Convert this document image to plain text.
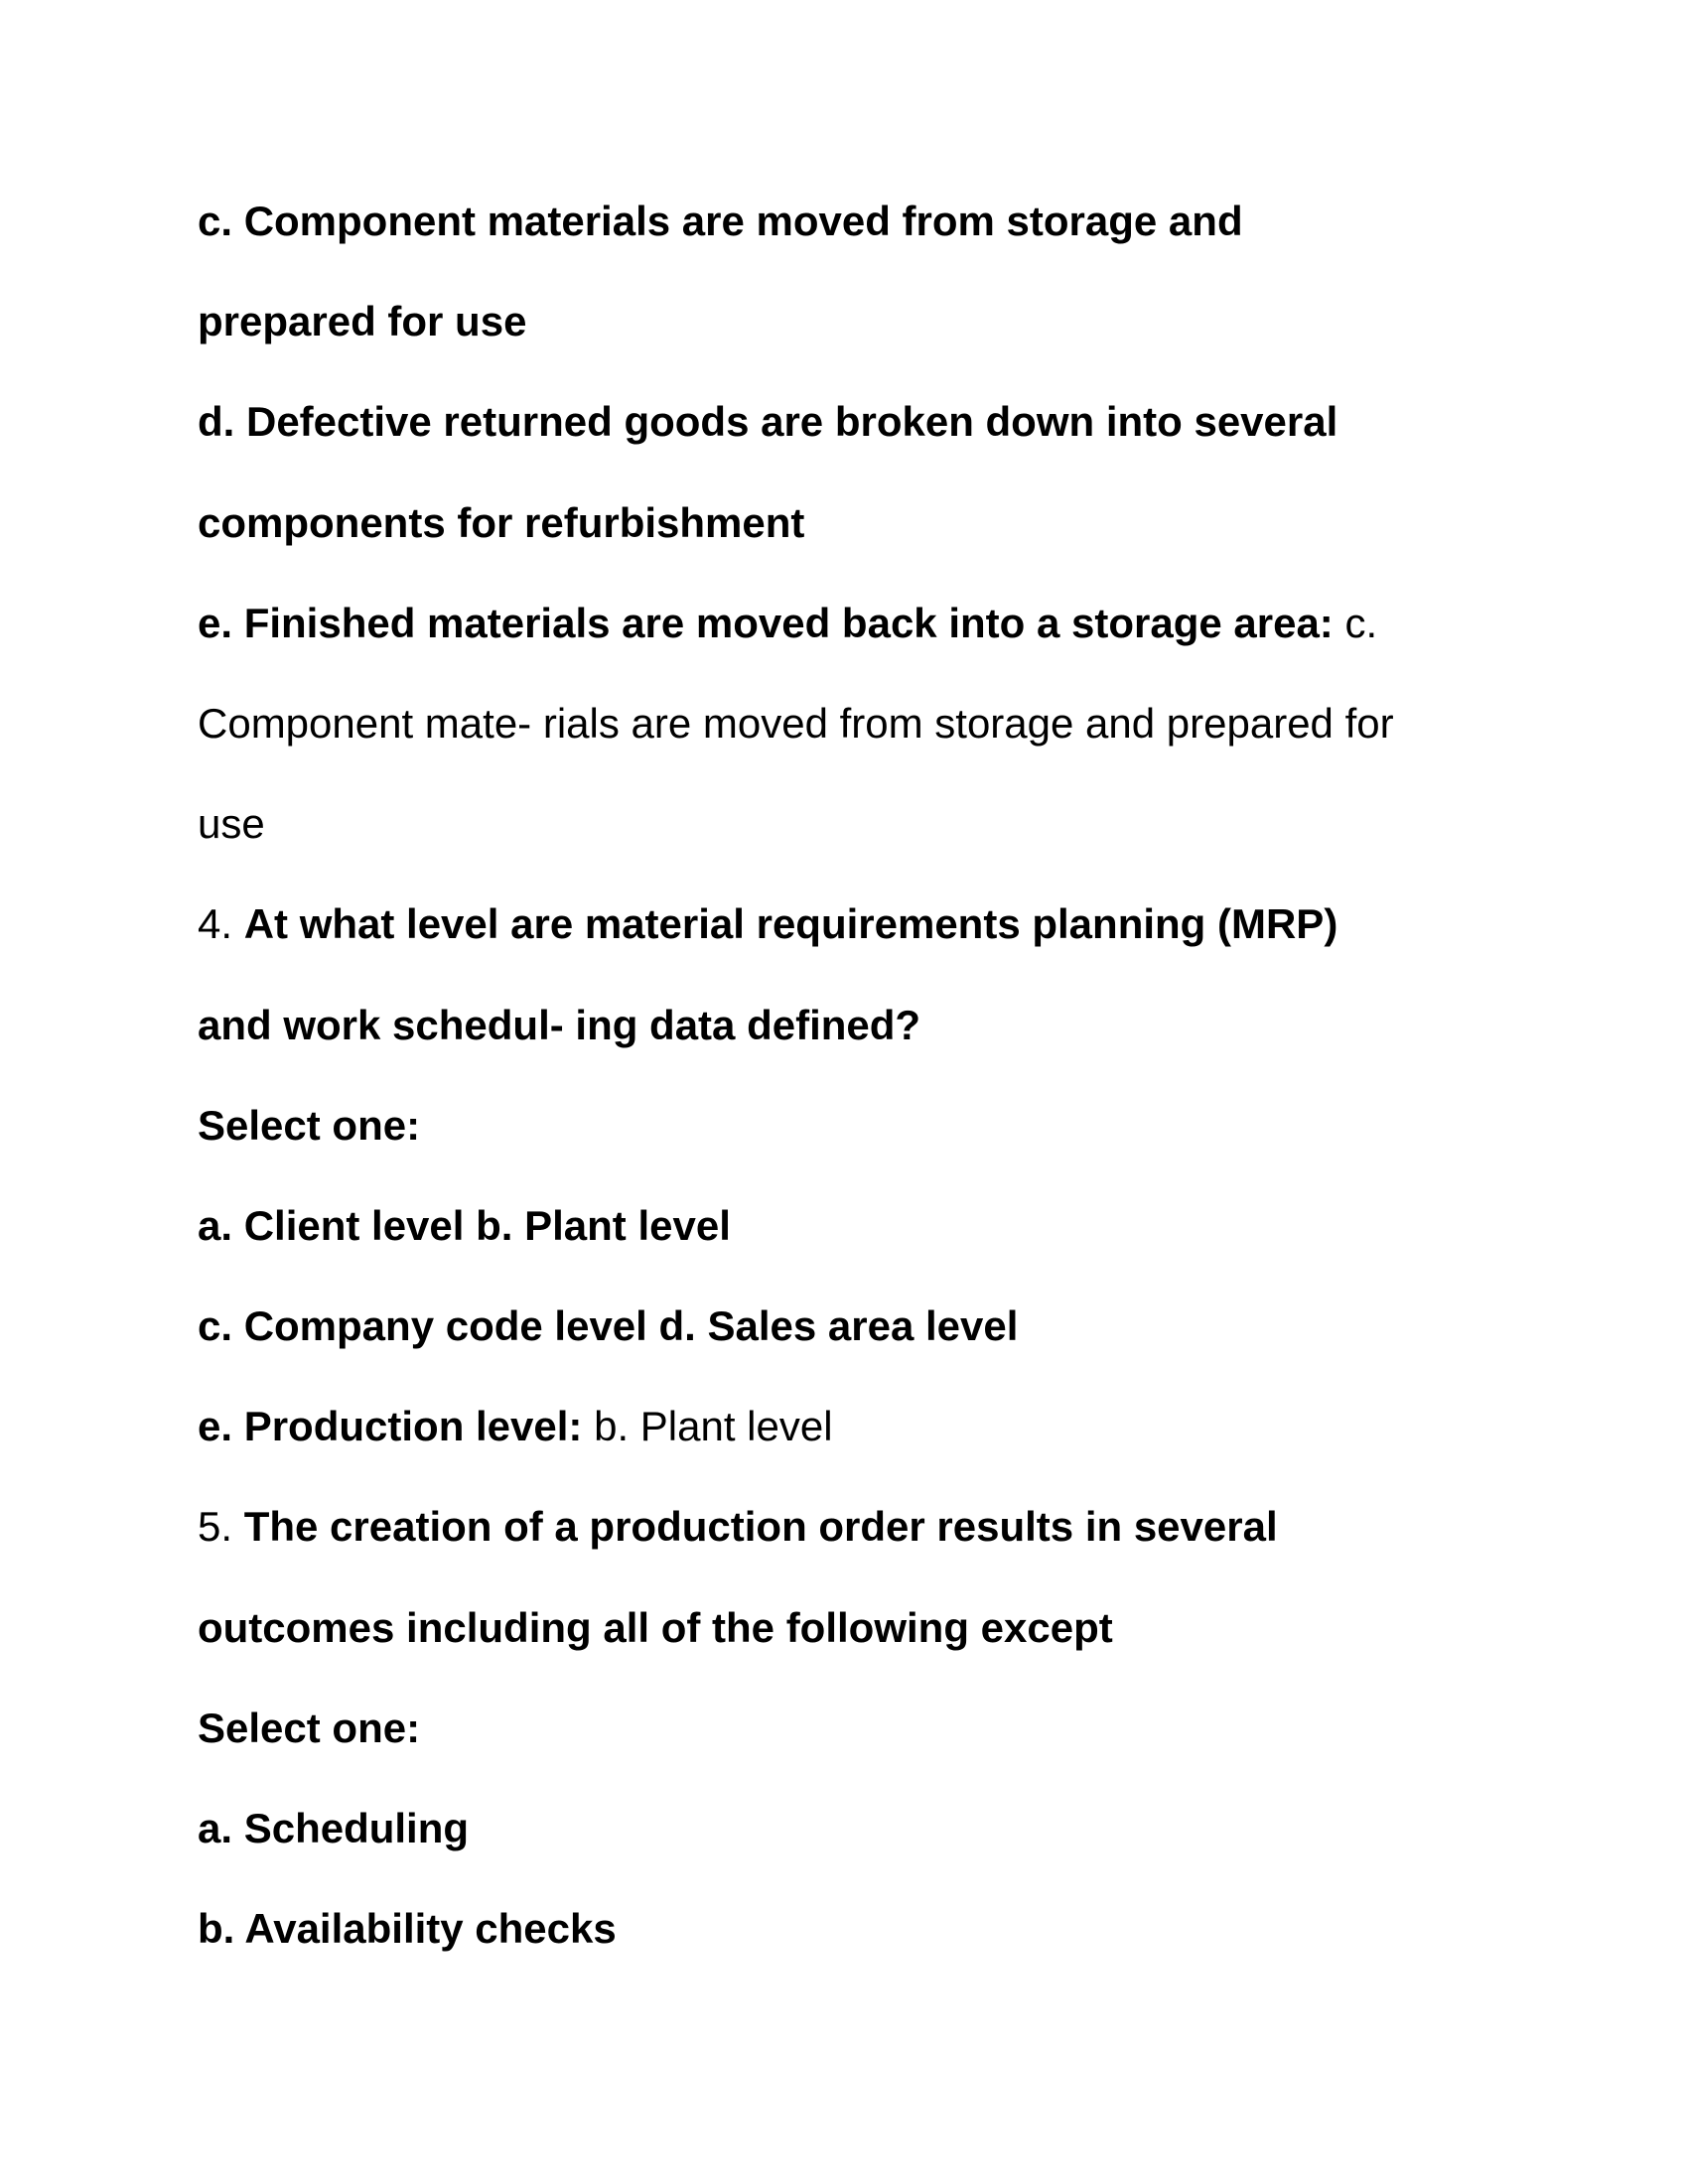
c. Component materials are moved from storage and
prepared for use
d. Defective returned goods are broken down into several
components for refurbishment
e. Finished materials are moved back into a storage area: c.
Component mate- rials are moved from storage and prepared for
use
4. At what level are material requirements planning (MRP)
and work schedul- ing data defined?
Select one:
a. Client level b. Plant level
c. Company code level d. Sales area level
e. Production level: b. Plant level
5. The creation of a production order results in several
outcomes including all of the following except
Select one:
a. Scheduling
b. Availability checks
